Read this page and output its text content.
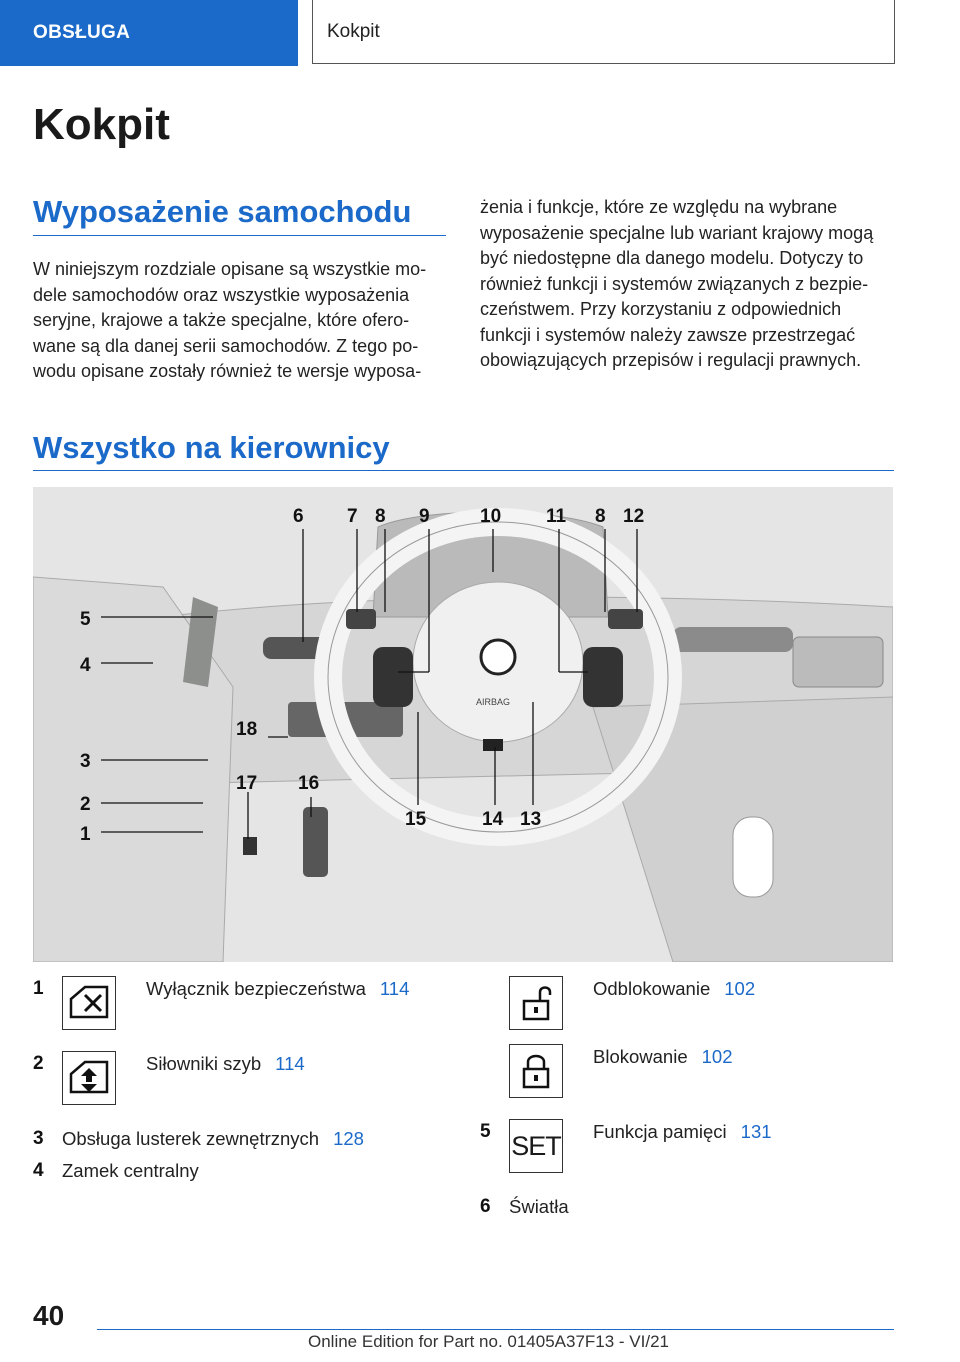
OBSŁUGA	Kokpit
Kokpit
Wyposażenie samochodu
W niniejszym rozdziale opisane są wszystkie mo-
dele samochodów oraz wszystkie wyposażenia
seryjne, krajowe a także specjalne, które ofero-
wane są dla danej serii samochodów. Z tego po-
wodu opisane zostały również te wersje wyposa-
żenia i funkcje, które ze względu na wybrane
wyposażenie specjalne lub wariant krajowy mogą
być niedostępne dla danego modelu. Dotyczy to
również funkcji i systemów związanych z bezpie-
czeństwem. Przy korzystaniu z odpowiednich
funkcji i systemów należy zawsze przestrzegać
obowiązujących przepisów i regulacji prawnych.
Wszystko na kierownicy
AIRBAG
5
4
3
2
1
6 7 8 9	10 11 8 12
13
14
15
16
17
18
1	Wyłącznik bezpieczeństwa 114
2	Siłowniki szyb 114
3 Obsługa lusterek zewnętrznych 128
4 Zamek centralny
Odblokowanie 102
Blokowanie 102
5 SET Funkcja pamięci 131
6 Światła
40
Online Edition for Part no. 01405A37F13 - VI/21
